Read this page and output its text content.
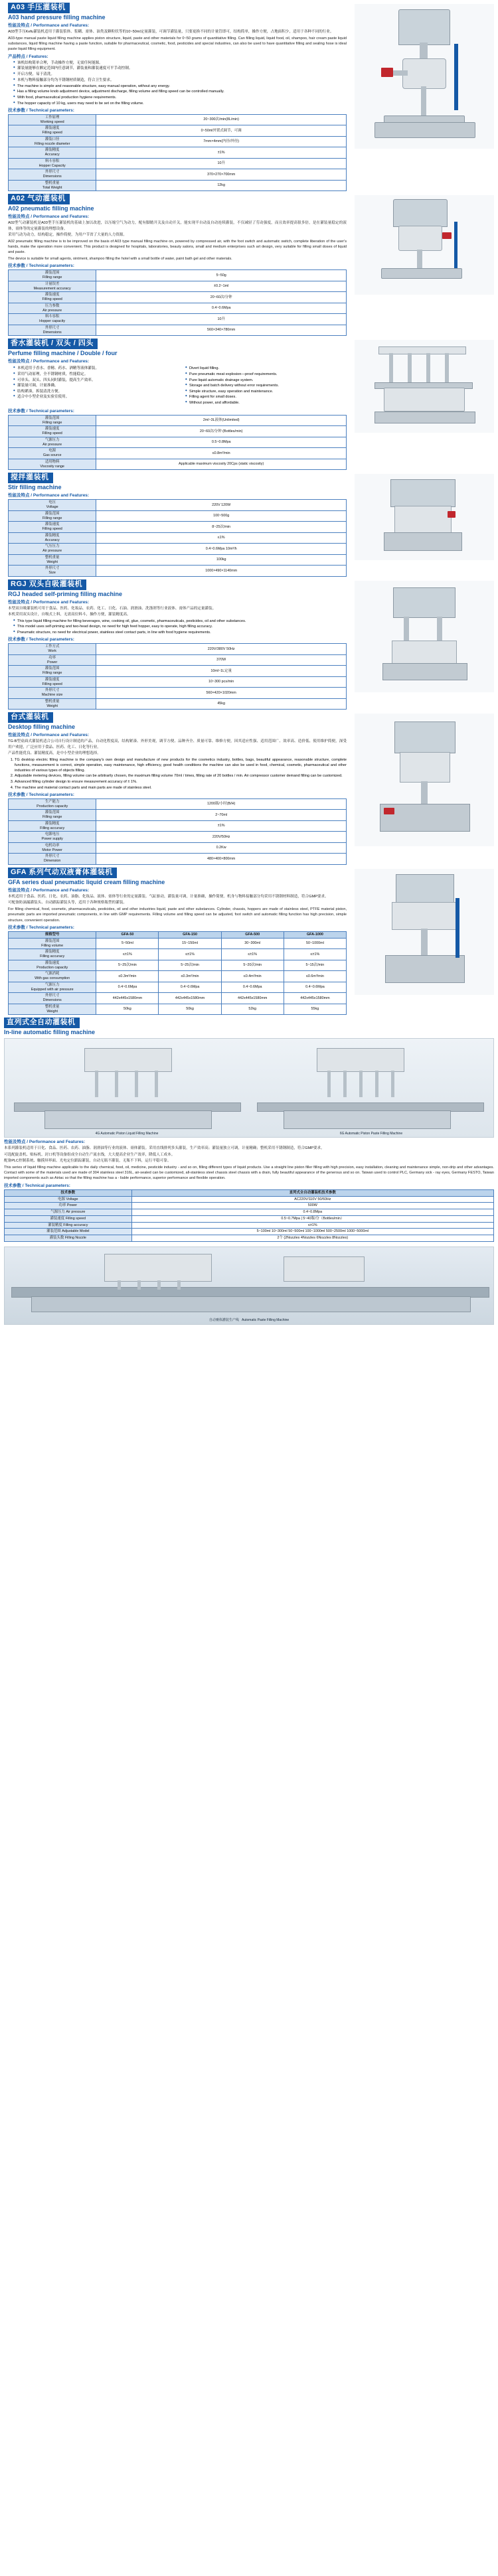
A03 手压灌装机
A03 hand pressure filling machine
性能及特点 / Performance and Features:
A03型手压Kefu灌装机适用于灌装浆体、浆糊、膏体、油类及颗粒状等的10~50ml定量灌装，可调节灌装量，只要更换不同的计量管即可，结构简单，操作方便，占地面积少，适用于各种不同的行业。
A03-type manual paste liquid filling machine applies piston structure, liquid, paste and other materials for 0~50 grams of quantitative filling. Can filling liquid, liquid food, oil, shampoo, hair cream paste liquid substances, liquid filling machine having a paste function, suitable for pharmaceutical, cosmetic, food, pesticides and special industries, can also be used to have quantitative filling and sealing hose is ideal paste liquid filling equipment.
产品特点 / Features:
◆ 该机结构简单合理，手动操作方便，无需任何能源。
◆ 灌装量能够在额定范围内任意调节，灌装量和灌装速度可平手动控制。
◆ 开启方便，易于清洗。
◆ 本机与物料接触部分均为不锈钢材质制造，符合卫生要求。
◆ The machine is simple and reasonable structure, easy manual operation, without any energy.
◆ Has a filling volume knob adjustment device, adjustment discharge, filling volume and filling speed can be controlled manually.
◆ With food, pharmaceutical production hygiene requirements.
◆ The hopper capacity of 10 kg, users may need to be set on the filling volume.
技术参数 / Technical parameters:
工作原理
Working speed	20~300次/min(8L/min)
灌装速度
Filling speed	0~50ml外置式调节，可调
灌装口径
Filling nozzle diameter	7mm×4mm(内径/外径)
灌装精度
Accuracy	±1%
料斗容积
Hopper Capacity	10升
外形尺寸
Dimensions	370×270×700mm
整机重量
Total Weight	12kg
A02 气动灌装机
A02 pneumatic filling machine
性能及特点 / Performance and Features:
A02型气动灌装机是A03型手压灌装机的基础上加以改进，以压缩空气为动力，配有脚踏开关及自动开关，能实现半自动及自动连续灌装，不仅减轻了劳动强度，而且效率提高很多倍，是在灌装量稳定的液体，膏体等的定量灌装的理想设备。
采用气动为动力，结构稳定，操作简便，为用户节省了大量的人力资源。
A02 pneumatic filling machine is to be improved on the basis of A03 type manual filling machine on, powered by compressed air, with the foot switch and automatic switch, complete liberation of the user's hands, make the operation more convenient. This product is designed for hospitals, laboratories, beauty salons, small and medium enterprises such art design, very suitable for filling small doses of liquid and paste.
The device is suitable for small agents, ointment, shampoo filling the hotel with a small bottle of water, paint bath gel and other materials.
技术参数 / Technical parameters:
灌装范围
Filling range	5~50g
计量误差
Measurement accuracy	±0.2~1ml
灌装速度
Filling speed	20~60次/分钟
压力参数
Air pressure	0.4~0.6Mpa
料斗容积
Hopper capacity	10升
外形尺寸
Dimensions	560×340×780mm
香水灌装机 / 双头 / 四头
Perfume filling machine / Double / four
性能及特点 / Performance and Features:
◆ 本机适用于香水、香精、药水、酒精等液体灌装。
◆ 采用气动原理，全不锈钢材质，性能稳定。
◆ 可单头、双头、四头同时灌装，提高生产效率。
◆ 灌装量可调，计量准确。
◆ 结构紧凑，拆装清洗方便。
◆ 适合中小型企业及实验室使用。
◆ Divert liquid filling.
◆ Pure pneumatic meat explosion—proof requirements.
◆ Pure liquid automatic drainage system.
◆ Storage and batch delivery without error requirements.
◆ Simple structure, easy operation and maintenance.
◆ Filling agent for small doses.
◆ Without power, and affordable.
技术参数 / Technical parameters:
灌装范围
Filling range	2ml~3L液体(Unlimited)
灌装速度
Filling speed	20~60次/分钟 (Bottles/min)
气源压力
Air pressure	0.5~0.8Mpa
电源
Gas source	≤0.8m³/min
适用物料
Viscosity range	Applicable maximum viscosity 20Cps (static viscosity)
搅拌灌装机
Stir filling machine
性能及特点 / Performance and Features:
电压
Voltage	220V 120W
灌装范围
Filling range	100~500g
灌装速度
Filling speed	8~25次/min
灌装精度
Accuracy	≤1%
气压压力
Air pressure	0.4~0.6Mpa 10m³/h
整机重量
Weight	100kg
外形尺寸
Size	1000×490×1140mm
RGJ 双头自吸灌装机
RGJ headed self-priming filling machine
性能及特点 / Performance and Features:
本型双自吸灌装机可用于食品、医药、化妆品、农药、化工、日化、石油、润滑油、洗涤剂等行业液体、膏体产品的定量灌装。
本机采用双头设计，自吸式上料，无需高位料斗，操作方便，灌装精度高。
◆ This type liquid filling machine for filling beverages, wine, cooking oil, glue, cosmetic, pharmaceuticals, pesticides, oil and other substances.
◆ This model uses self-priming and two-head design, no need for high feed hopper, easy to operate, high filling accuracy.
◆ Pneumatic structure, no need for electrical power, stainless steel contact parts, in line with food hygiene requirements.
技术参数 / Technical parameters:
工作方式
Work	220V/380V 50Hz
功率
Power	370W
灌装范围
Filling range	10ml~1L定量
灌装速度
Filling speed	10~300 pcs/min
外形尺寸
Machine size	560×420×1020mm
整机重量
Weight	45kg
台式灌装机
Desktop filling machine
性能及特点 / Performance and Features:
TG-B型桌面式灌装机适合公司自行设计制造的产品，自动化程度高，结构紧凑、外形美观，调节方便、品种齐全、质量可靠、维修方便，因其适应性强、适用范围广、效率高、造价低、使用维护简便，深受用户欢迎，广泛应用于食品、医药、化工、日化等行业。
产品性能优良、灌装精度高，是中小型企业的理想选择。
1. TG desktop electric filling machine is the company's own design and manufacture of new products for the cosmetics industry, bottles, bags, beautiful appearance, reasonable structure, complete functions, measurement is correct, simple operation, easy maintenance, high efficiency, good health conditions the machine can also be used in food, chemical, cosmetic, pharmaceutical and other industries of various types of objects filling.
2. Adjustable metering devices, filling volume can be arbitrarily chosen, the maximum filling volume 70ml / times, filling rate of 20 bottles / min. Air compressor customer demand filling can be customized.
3. Advanced filling cylinder design to ensure measurement accuracy of ± 1%.
4. The machine and material contact parts and main parts are made of stainless steel.
技术参数 / Technical parameters:
生产能力
Production capacity	1200瓶/小时(B/H)
灌装范围
Filling range	2~70ml
灌装精度
Filling accuracy	±1%
电源电压
Power supply	220V/50Hz
电机功率
Motor Power	0.2Kw
外形尺寸
Dimension	480×400×800mm
GFA 系列气动双液膏体灌装机
GFA series dual pneumatic liquid cream filling machine
性能及特点 / Performance and Features:
本机适用于食品、医药、日化、农药、油脂、化妆品、液体、膏体等行业的定量灌装。气缸驱动，灌装量可调，计量准确，操作简便。机身与物料接触部分均采用不锈钢材料制造，符合GMP要求。
可配备防滴漏灌装头、自动跟踪灌装头等，适用于各种规格瓶型的灌装。
For filling chemical, food, cosmetic, pharmaceuticals, pesticides, oil and other industries liquid, paste and other substances. Cylinder, chassis, hoppers are made of stainless steel, PTFE material piston, pneumatic parts are imported pneumatic components, in line with GMP requirements. Filling volume and filling speed can be adjusted, foot switch and automatic filling function has high precision, simple structure, convenient operation.
技术参数 / Technical parameters:
规格型号	GFA-50	GFA-150	GFA-500	GFA-1000
灌装范围
Filling volume	5~50ml	15~150ml	30~300ml	50~1000ml
灌装精度
Filling accuracy	≤±1%	≤±1%	≤±1%	≤±1%
灌装速度
Production capacity	5~25次/min	5~25次/min	5~20次/min	5~15次/min
气源消耗
With gas consumption	≤0.3m³/min	≤0.3m³/min	≤0.4m³/min	≤0.6m³/min
气源压力
Equipped with air pressure	0.4~0.6Mpa	0.4~0.6Mpa	0.4~0.6Mpa	0.4~0.6Mpa
外形尺寸
Dimensions	442x445x1580mm	442x445x1580mm	442x445x1580mm	442x445x1580mm
整机重量
Weight	50kg	50kg	52kg	55kg
直列式全自动灌装机
In-line automatic filling machine
4G Automatic Piston Liquid Filling Machine	6G Automatic Piston Paste Filling Machine
性能及特点 / Performance and Features:
本系列灌装机适用于日化、食品、医药、农药、油脂、润滑油等行业的液体、膏体灌装。采用直线排列多头灌装，生产效率高；灌装量独立可调，计量精确；整机采用不锈钢制造，符合GMP要求。
可选配旋盖机、贴标机、封口机等设备组成全自动生产流水线，大大提高企业生产效率，降低人工成本。
配备PLC控制系统、触摸屏界面、光电定位跟踪灌装，自动无瓶不灌装，无瓶不下料，运行平稳可靠。
This series of liquid filling machine applicable to the daily chemical, food, oil, medicine, pesticide industry - and so on, filling different types of liquid products. Use a straight line piston filler filling with high precision, easy installation, cleaning and maintenance simple, non-drip and other advantages. Contact with some of the materials used are made of 304 stainless steel 316L, air-sealed can be customized, all-stainless steel chassis steel chassis with a drain, fully beautiful appearance of the generous and so on. Taiwan used to control PLC, Germany sick - ray eyes, Germany FESTO, Taiwan imported components such as Airtac so that the filling machine has a - liable performance, superior performance and flexible operation.
技术参数 / Technical parameters:
技术参数	直列式全自动灌装机技术参数
电源 Voltage	AC220V/110V 50/60Hz
功率 Power	500W
气源压力 Air pressure	0.4~0.8Mpa
灌装速度 Filling speed	0.5~0.7Mpa | 5~40瓶/分（Bottles/min）
灌装精度 Filling accuracy	≤±1%
灌装范围 Adjustable Model	5~100ml 10~300ml 50~500ml 100~1000ml 500~2500ml 1000~5000ml
灌装头数 Filling Nozzle	2个 (2Nozzles 4Nozzles 6Nozzles 8Nozzles)
自动膏体灌装生产线 Automatic Paste Filling Machine
